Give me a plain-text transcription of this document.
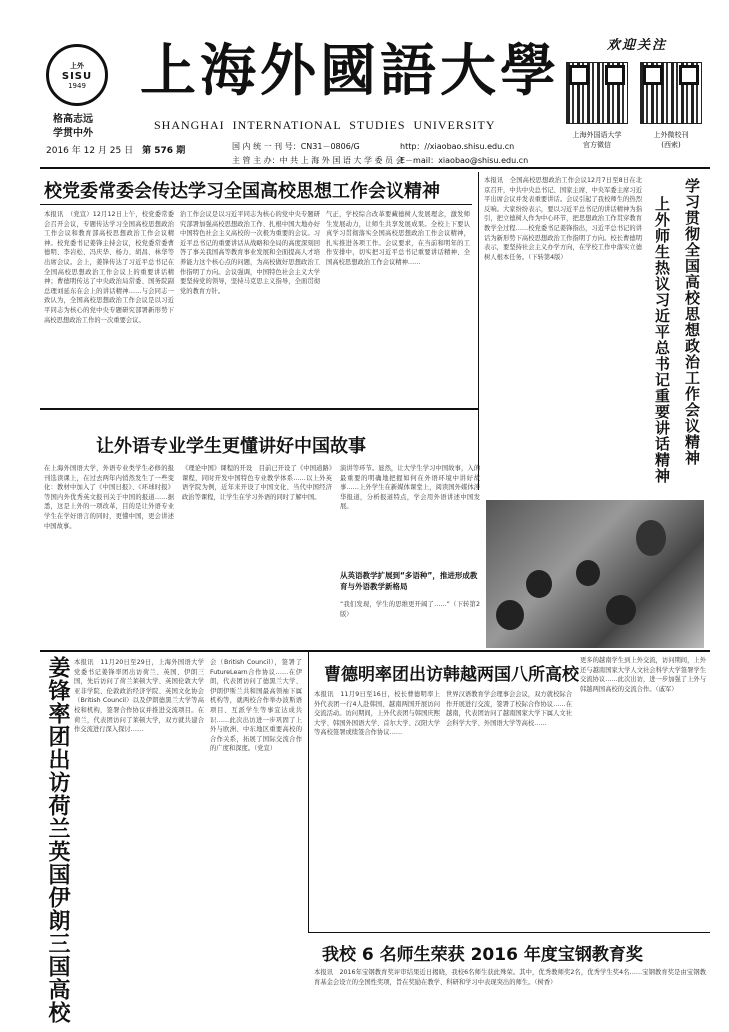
上外
SISU
1949
格高志远
学贯中外
上海外國語大學
SHANGHAI  INTERNATIONAL  STUDIES  UNIVERSITY
2016 年 12 月 25 日　 第 576 期	国 内 统 一 刊 号：CN31－0806/G	http：//xiaobao.shisu.edu.cn
主 管 主 办：中 共 上 海 外 国 语 大 学 委 员 会
E－mail：xiaobao@shisu.edu.cn
欢迎关注
上海外国语大学
官方微信
上外微校刊
(西索)
校党委常委会传达学习全国高校思想工作会议精神
本报讯　（党宣）12月12日上午，校党委常委会召开会议，专题传达学习全国高校思想政治工作会议和教育部高校思想政治工作会议精神。校党委书记姜锋主持会议，校党委常委曹德明、李岩松、冯庆华、杨力、胡昌、林华等出席会议。会上，姜锋传达了习近平总书记在全国高校思想政治工作会议上的重要讲话精神；曹德明传达了中央政治局常委、国务院副总理刘延东在会上的讲话精神……与会同志一致认为，全国高校思想政治工作会议是以习近平同志为核心的党中央专题研究部署新形势下高校思想政治工作的一次重要会议。
治工作会议是以习近平同志为核心的党中央专题研究部署加强高校思想政治工作、扎根中国大地办好中国特色社会主义高校的一次极为重要的会议。习近平总书记的重要讲话从战略和全局的高度深刻回答了事关我国高等教育事业发展和全面提高人才培养能力这个核心点的问题，为高校做好思想政治工作指明了方向。会议强调，中国特色社会主义大学要坚持党的领导，坚持马克思主义指导，全面贯彻党的教育方针。
气正，学校综合改革要藏德树人发展理念，激发师生发展动力，让师生共享发展成果。全校上下要认真学习贯彻落实全国高校思想政治工作会议精神，扎实推进各项工作。会议要求，在当前和明年的工作安排中，切实把习近平总书记重要讲话精神、全国高校思想政治工作会议精神……
本报讯　全国高校思想政治工作会议12月7日至8日在北京召开，中共中央总书记、国家主席、中央军委主席习近平出席会议并发表重要讲话。会议引起了我校师生的热烈反响。大家纷纷表示，要以习近平总书记的讲话精神为指引，把立德树人作为中心环节，把思想政治工作贯穿教育教学全过程……校党委书记姜锋指出，习近平总书记的讲话为新形势下高校思想政治工作指明了方向。校长曹德明表示，要坚持社会主义办学方向，在学校工作中落实立德树人根本任务。（下转第4版）	学习贯彻全国高校思想政治工作会议精神
上外师生热议习近平总书记重要讲话精神
让外语专业学生更懂讲好中国故事
在上海外国语大学，外语专业类学生必修的报刊选读课上，在过去两年内悄然发生了一些变化：教材中加入了《中国日报》、《环球时报》等国内外优秀英文报刊关于中国的报道……据悉，这是上外的一项改革，目的是让外语专业学生在学好语言的同时，更懂中国，更会讲述中国故事。
《理论中国》课程的开设　目前已开设了《中国道路》课程，同时开发中国特色专业教学体系……以上外英语学院为例，近年来开设了中国文化、当代中国经济政治等课程，让学生在学习外语的同时了解中国。
演讲等环节。显然，让大学生学习中国故事，入的最重要的明确地把握如何在外语环境中讲好故事……上外学生在新媒体课堂上，阅读国外媒体涉华报道，分析报道特点，学会用外语讲述中国发展。
从英语教学扩展到“多语种”，推进形成教育与外语教学新格局
“我们发现，学生的思维更开阔了……”（下转第2版）
姜锋率团出访荷兰英国伊朗三国高校 本报讯　11月20日至29日，上海外国语大学党委书记姜锋率团出访荷兰、英国、伊朗三国，先后访问了荷兰莱顿大学、英国伦敦大学亚非学院、伦敦政治经济学院、英国文化协会（British Council）以及伊朗德黑兰大学等高校和机构，签署合作协议并推进交流项目。在荷兰，代表团访问了莱顿大学，双方就共建合作交流进行深入探讨……
会（British Council），签署了FutureLearn合作协议……在伊朗，代表团访问了德黑兰大学、伊朗伊斯兰共和国最高领袖下属机构等，就两校合作举办波斯语项目、互派学生等事宜达成共识……此次出访进一步巩固了上外与欧洲、中东地区重要高校的合作关系，拓展了国际交流合作的广度和深度。（党宣）
曹德明率团出访韩越两国八所高校
本报讯　11月9日至16日，校长曹德明率上外代表团一行4人赴韩国、越南两国开展访问交流活动。访问期间，上外代表团与韩国庆熙大学、韩国外国语大学、首尔大学、汉阳大学等高校签署或续签合作协议……
世界汉语教育学会理事会会议，双方就校际合作开展进行交流，签署了校际合作协议……在越南，代表团访问了越南国家大学下属人文社会科学大学、外国语大学等高校……
更多的越南学生到上外交流，访问期间，上外还与越南国家大学人文社会科学大学签署学生交流协议……此次出访，进一步加强了上外与韩越两国高校的交流合作。（戚军）
我校 6 名师生荣获 2016 年度宝钢教育奖
本报讯　2016年宝钢教育奖评审结果近日揭晓，我校6名师生获此殊荣。其中，优秀教师奖2名，优秀学生奖4名……宝钢教育奖是由宝钢教育基金会设立的全国性奖项，旨在奖励在教学、科研和学习中表现突出的师生。（树香）
